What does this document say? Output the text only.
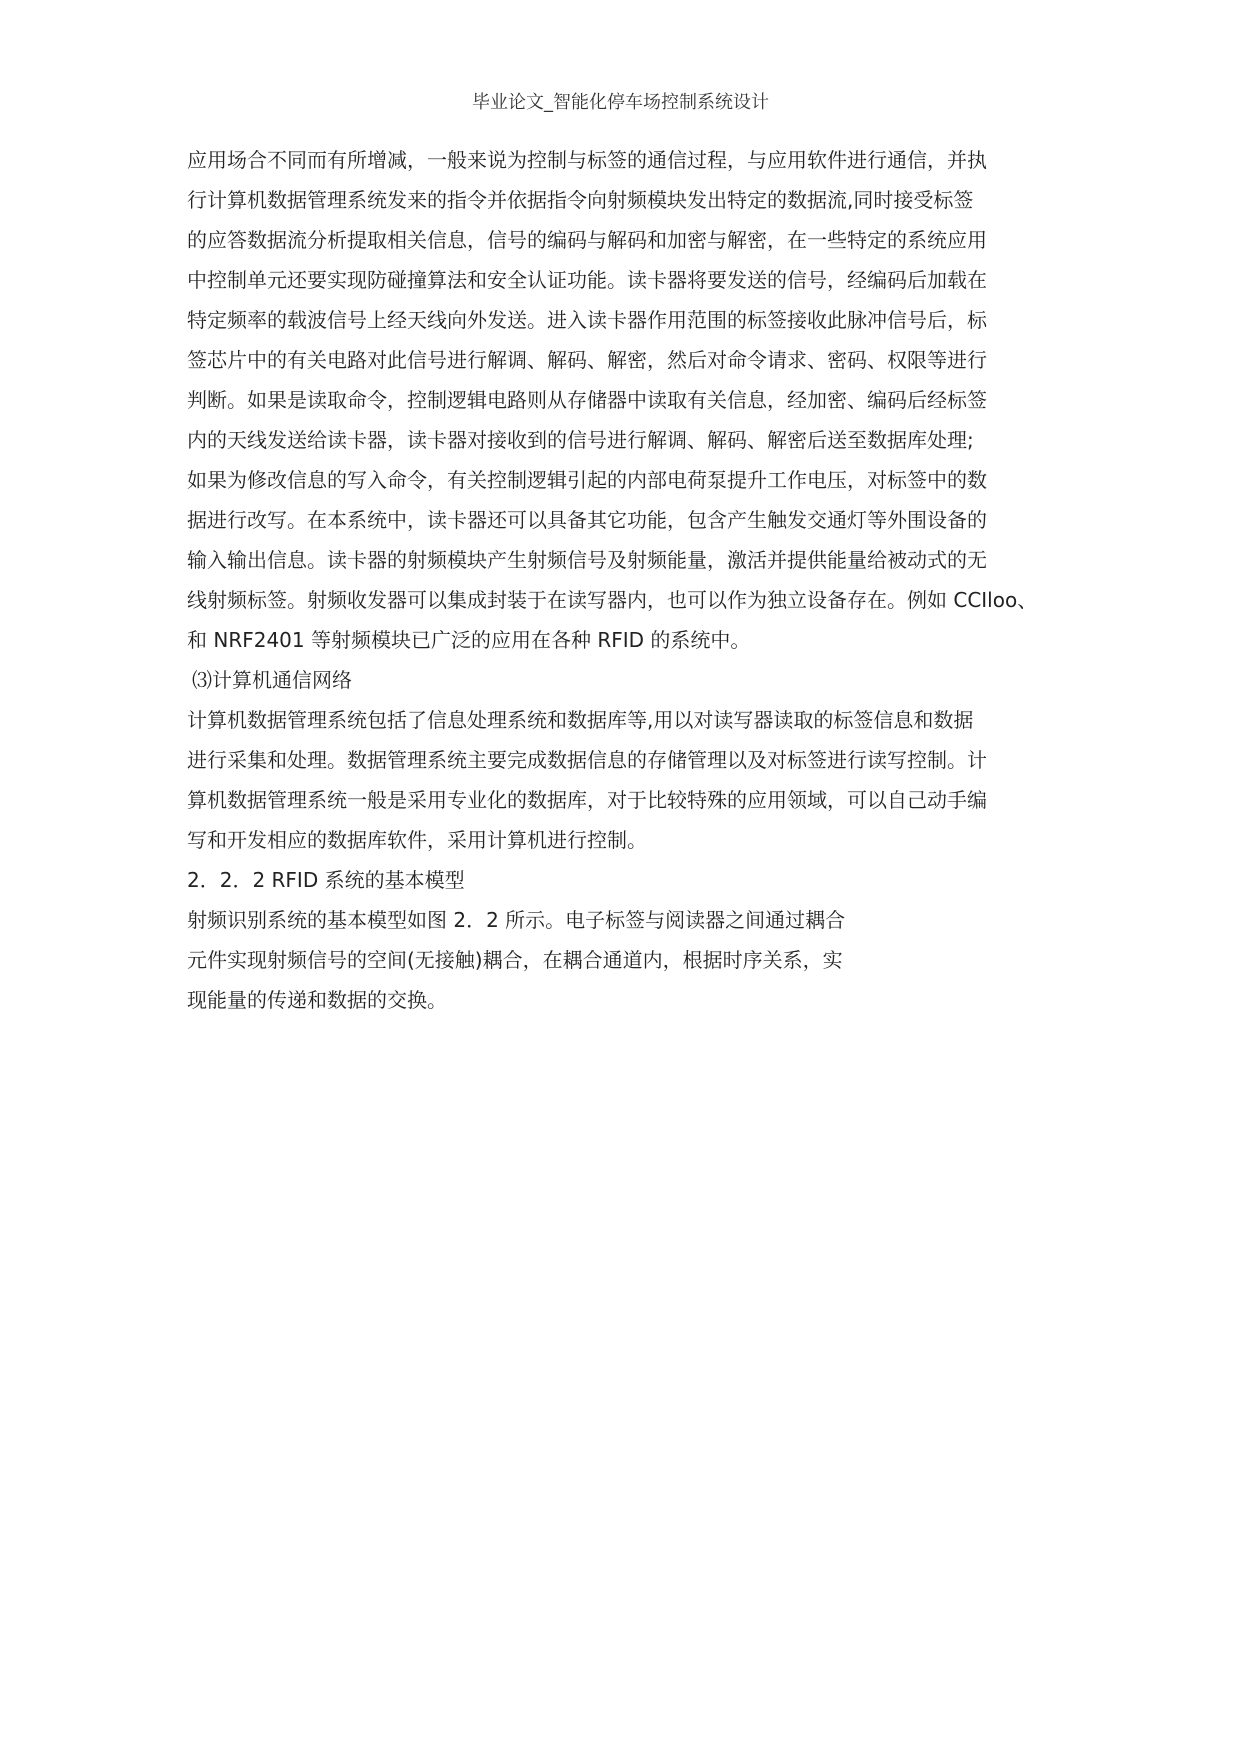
毕业论文_智能化停车场控制系统设计
应用场合不同而有所增减，一般来说为控制与标签的通信过程，与应用软件进行通信，并执
行计算机数据管理系统发来的指令并依据指令向射频模块发出特定的数据流,同时接受标签
的应答数据流分析提取相关信息，信号的编码与解码和加密与解密，在一些特定的系统应用
中控制单元还要实现防碰撞算法和安全认证功能。读卡器将要发送的信号，经编码后加载在
特定频率的载波信号上经天线向外发送。进入读卡器作用范围的标签接收此脉冲信号后，标
签芯片中的有关电路对此信号进行解调、解码、解密，然后对命令请求、密码、权限等进行
判断。如果是读取命令，控制逻辑电路则从存储器中读取有关信息，经加密、编码后经标签
内的天线发送给读卡器，读卡器对接收到的信号进行解调、解码、解密后送至数据库处理;
如果为修改信息的写入命令，有关控制逻辑引起的内部电荷泵提升工作电压，对标签中的数
据进行改写。在本系统中，读卡器还可以具备其它功能，包含产生触发交通灯等外围设备的
输入输出信息。读卡器的射频模块产生射频信号及射频能量，激活并提供能量给被动式的无
线射频标签。射频收发器可以集成封装于在读写器内，也可以作为独立设备存在。例如 CCIloo、
和 NRF2401 等射频模块已广泛的应用在各种 RFID 的系统中。
⑶计算机通信网络
计算机数据管理系统包括了信息处理系统和数据库等,用以对读写器读取的标签信息和数据
进行采集和处理。数据管理系统主要完成数据信息的存储管理以及对标签进行读写控制。计
算机数据管理系统一般是采用专业化的数据库，对于比较特殊的应用领域，可以自己动手编
写和开发相应的数据库软件，采用计算机进行控制。
2．2．2 RFID 系统的基本模型
射频识别系统的基本模型如图 2．2 所示。电子标签与阅读器之间通过耦合
元件实现射频信号的空间(无接触)耦合，在耦合通道内，根据时序关系，实
现能量的传递和数据的交换。
